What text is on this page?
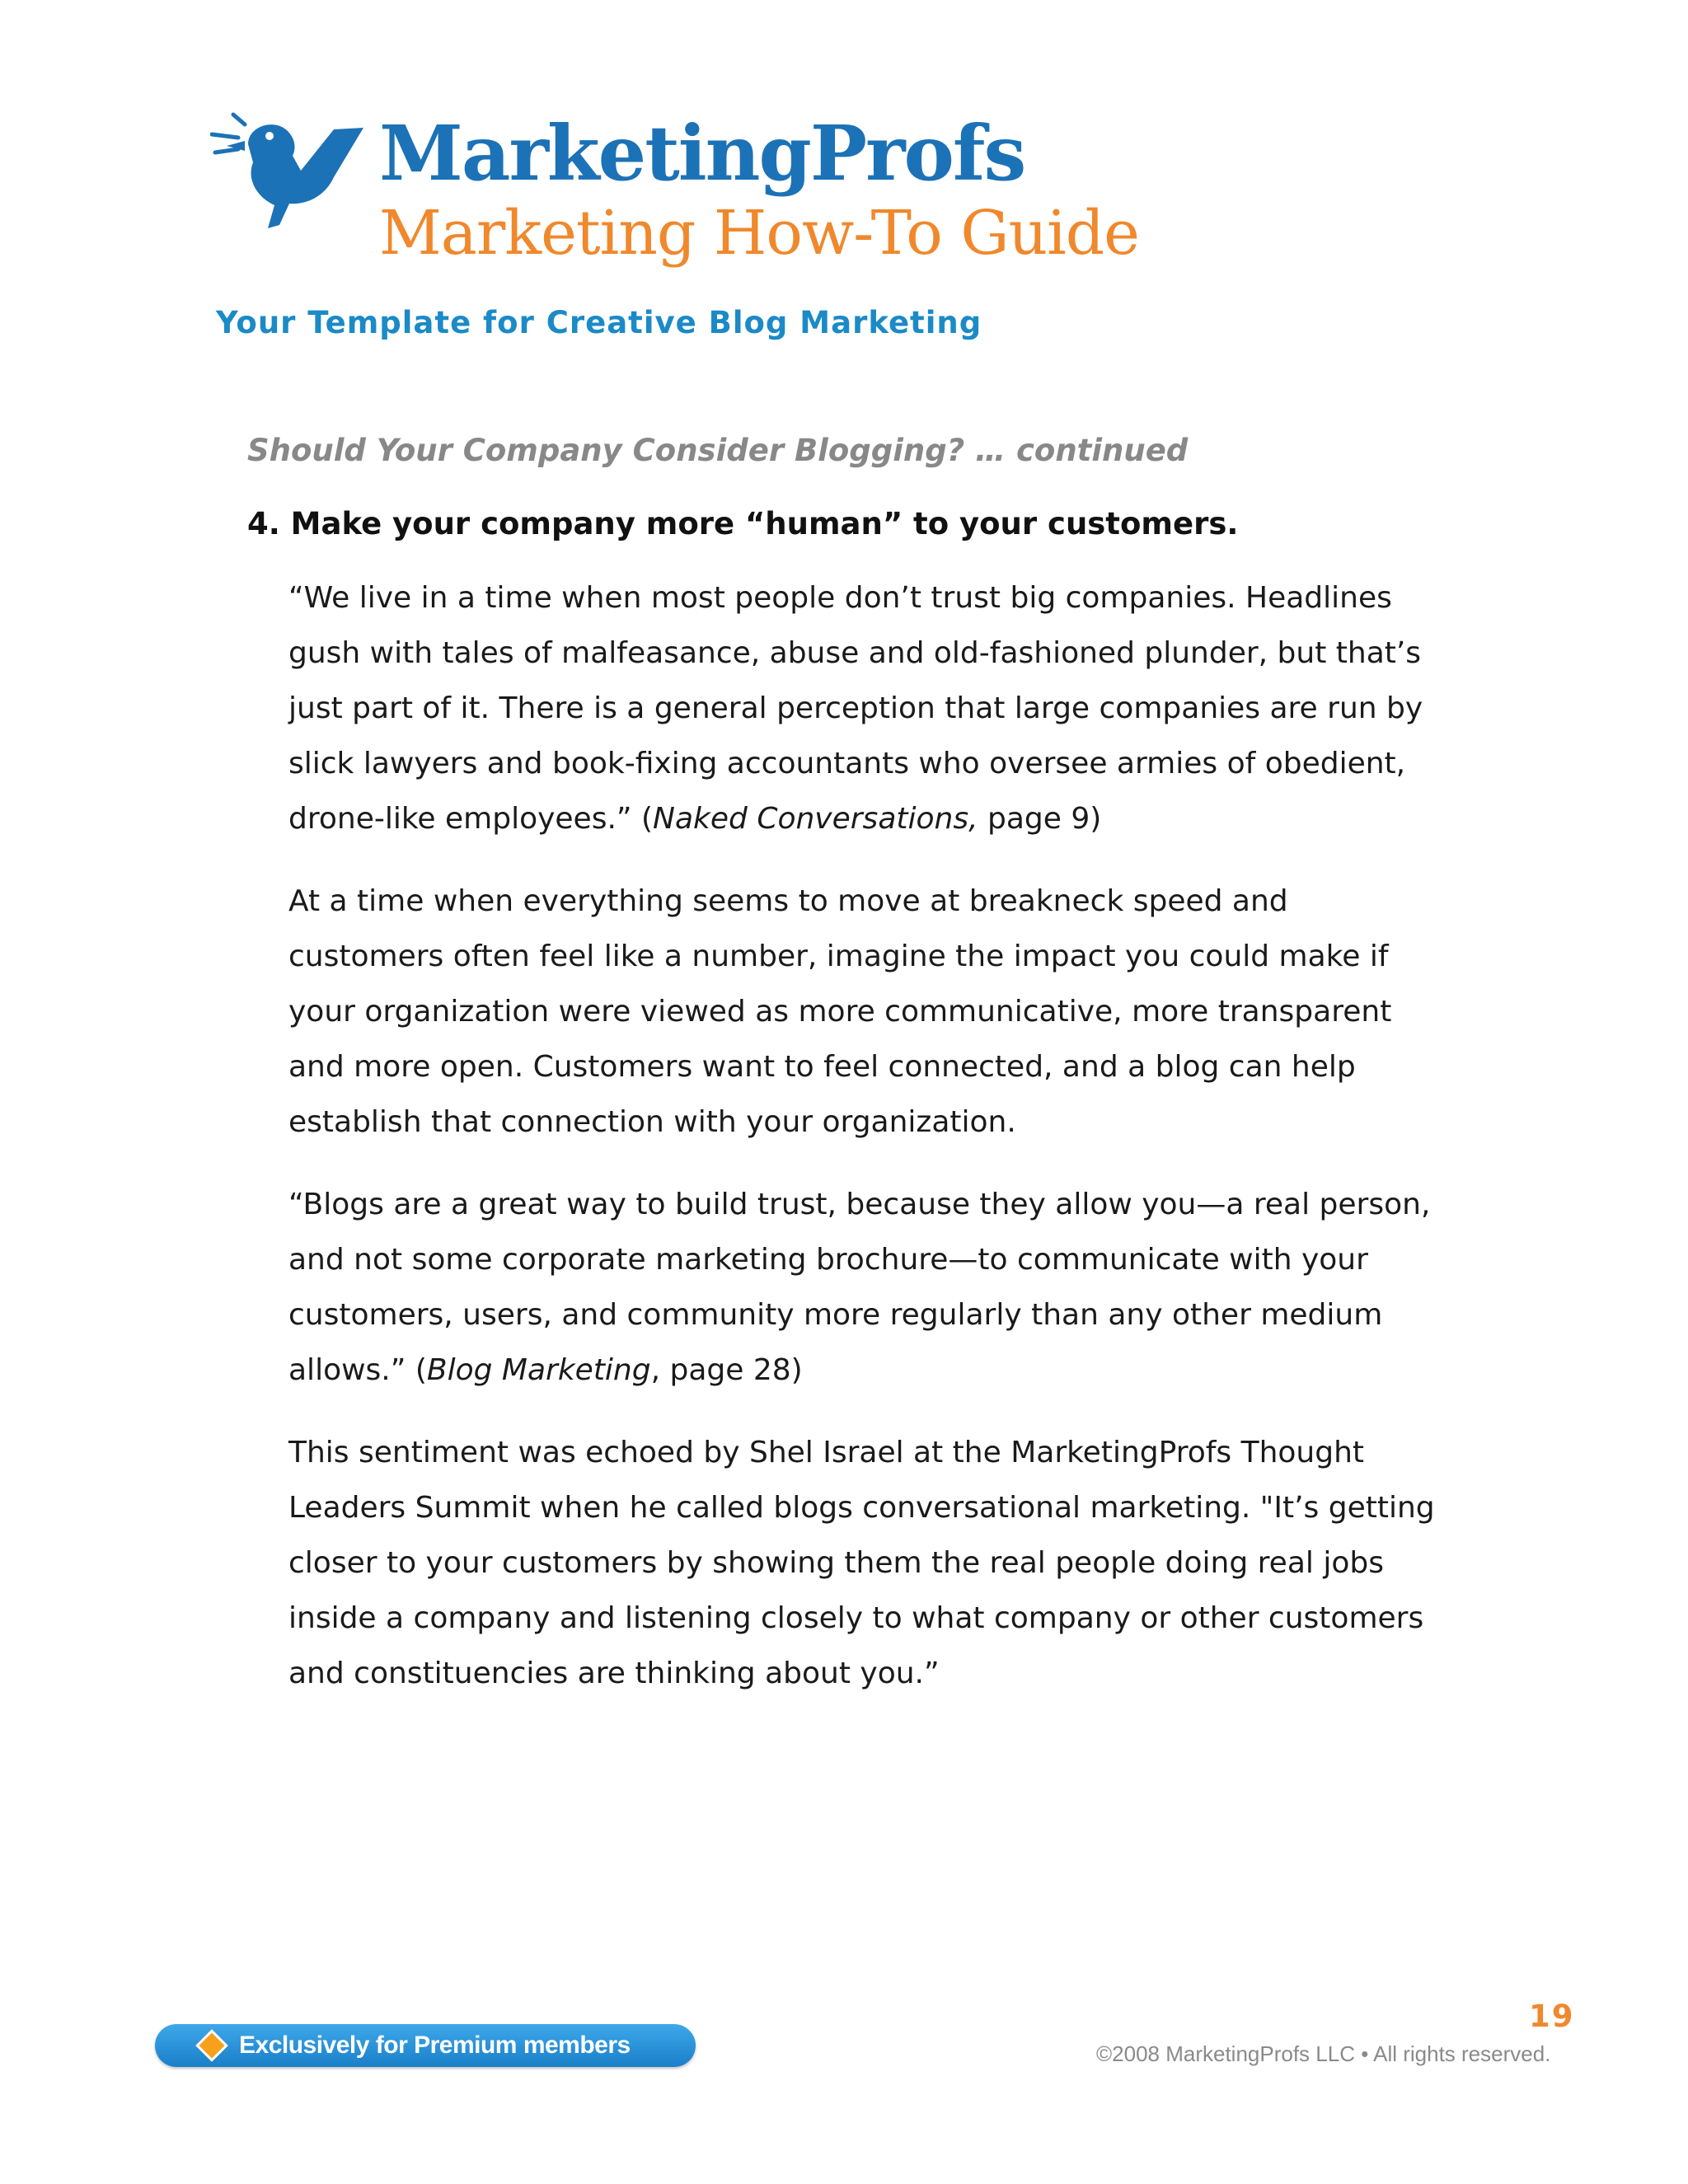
MarketingProfs
Marketing How-To Guide
Your Template for Creative Blog Marketing
Should Your Company Consider Blogging? … continued
4. Make your company more “human” to your customers.

“We live in a time when most people don’t trust big companies. Headlines gush with tales of malfeasance, abuse and old-fashioned plunder, but that’s just part of it. There is a general perception that large companies are run by slick lawyers and book-fixing accountants who oversee armies of obedient, drone-like employees.” (Naked Conversations, page 9)

At a time when everything seems to move at breakneck speed and customers often feel like a number, imagine the impact you could make if your organization were viewed as more communicative, more transparent and more open. Customers want to feel connected, and a blog can help establish that connection with your organization.

“Blogs are a great way to build trust, because they allow you—a real person, and not some corporate marketing brochure—to communicate with your customers, users, and community more regularly than any other medium allows.” (Blog Marketing, page 28)

This sentiment was echoed by Shel Israel at the MarketingProfs Thought Leaders Summit when he called blogs conversational marketing. "It’s getting closer to your customers by showing them the real people doing real jobs inside a company and listening closely to what company or other customers and constituencies are thinking about you.”

Exclusively for Premium members
19
©2008 MarketingProfs LLC • All rights reserved.
